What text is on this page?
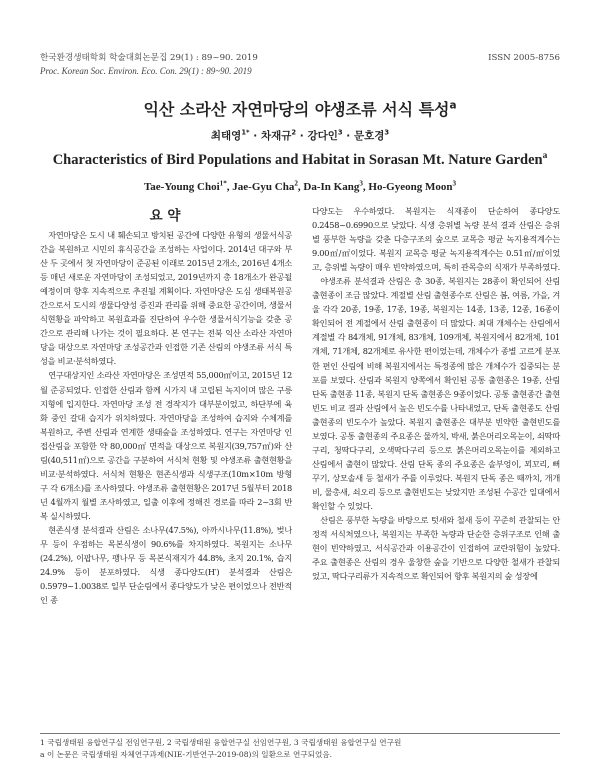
한국환경생태학회 학술대회논문집 29(1) : 89~90. 2019
Proc. Korean Soc. Environ. Eco. Con. 29(1) : 89~90. 2019
ISSN 2005-8756
익산 소라산 자연마당의 야생조류 서식 특성$^a$
최태영$^{1*}$ · 차재규$^2$ · 강다인$^3$ · 문호경$^3$
Characteristics of Bird Populations and Habitat in Sorasan Mt. Nature Garden$^a$
Tae-Young Choi$^{1*}$, Jae-Gyu Cha$^2$, Da-In Kang$^3$, Ho-Gyeong Moon$^3$
요 약

자연마당은 도시 내 훼손되고 방치된 공간에 다양한 유형의 생물서식공간을 복원하고 시민의 휴식공간을 조성하는 사업이다. 2014년 대구와 부산 두 곳에서 첫 자연마당이 준공된 이래로 2015년 2개소, 2016년 4개소 등 매년 새로운 자연마당이 조성되었고, 2019년까지 총 18개소가 완공될 예정이며 향후 지속적으로 추진될 계획이다. 자연마당은 도심 생태복원공간으로서 도시의 생물다양성 증진과 관리를 위해 중요한 공간이며, 생물서식현황을 파악하고 복원효과를 진단하여 우수한 생물서식기능을 갖춘 공간으로 관리해 나가는 것이 필요하다. 본 연구는 전북 익산 소라산 자연마당을 대상으로 자연마당 조성공간과 인접한 기존 산림의 야생조류 서식 특성을 비교·분석하였다.

연구대상지인 소라산 자연마당은 조성면적 55,000㎡이고, 2015년 12월 준공되었다. 인접한 산림과 함께 시가지 내 고립된 녹지이며 많은 구릉 지형에 입지한다. 자연마당 조성 전 경작지가 대부분이었고, 하단부에 육화 중인 갈대 습지가 위치하였다. 자연마당을 조성하여 습지와 수체계를 복원하고, 주변 산림과 연계한 생태숲을 조성하였다. 연구는 자연마당 인접산림을 포함한 약 80,000㎡ 면적을 대상으로 복원지(39,757㎡)와 산림(40,511㎡)으로 공간을 구분하여 서식처 현황 및 야생조류 출현현황을 비교·분석하였다. 서식처 현황은 현존식생과 식생구조(10m×10m 방형구 각 6개소)를 조사하였다. 야생조류 출현현황은 2017년 5월부터 2018년 4월까지 월별 조사하였고, 일출 이후에 정해진 경로를 따라 2~3회 반복 실시하였다.

현존식생 분석결과 산림은 소나무(47.5%), 아까시나무(11.8%), 벚나무 등이 우점하는 목본식생이 90.6%를 차지하였다. 복원지는 소나무(24.2%), 이팝나무, 팽나무 등 목본식재지가 44.8%, 초지 20.1%, 습지 24.9% 등이 분포하였다. 식생 종다양도(H′) 분석결과 산림은 0.5979~1.0038로 일부 단순림에서 종다양도가 낮은 편이었으나 전반적인 종

다양도는 우수하였다. 복원지는 식재종이 단순하여 종다양도 0.2458~0.6990으로 낮았다. 식생 층위별 녹량 분석 결과 산림은 층위별 풍부한 녹량을 갖춘 다층구조의 숲으로 교목층 평균 녹지용적계수는 9.00㎥/㎡이었다. 복원지 교목층 평균 녹지용적계수는 0.51㎥/㎡이었고, 층위별 녹량이 매우 빈약하였으며, 특히 관목층의 식재가 부족하였다.

야생조류 분석결과 산림은 총 30종, 복원지는 28종이 확인되어 산림 출현종이 조금 많았다. 계절별 산림 출현종수로 산림은 봄, 여름, 가을, 겨울 각각 20종, 19종, 17종, 19종, 복원지는 14종, 13종, 12종, 16종이 확인되어 전 계절에서 산림 출현종이 더 많았다. 최대 개체수는 산림에서 계절별 각 84개체, 91개체, 83개체, 109개체, 복원지에서 82개체, 101개체, 71개체, 82개체로 유사한 편이었는데, 개체수가 종별 고르게 분포한 편인 산림에 비해 복원지에서는 특정종에 많은 개체수가 집중되는 분포를 보였다. 산림과 복원지 양쪽에서 확인된 공통 출현종은 19종, 산림 단독 출현종 11종, 복원지 단독 출현종은 9종이었다. 공통 출현종간 출현빈도 비교 결과 산림에서 높은 빈도수를 나타내었고, 단독 출현종도 산림 출현종의 빈도수가 높았다. 복원지 출현종은 대부분 빈약한 출현빈도를 보였다. 공통 출현종의 주요종은 물까치, 박새, 붉은머리오목눈이, 쇠딱따구리, 청딱다구리, 오색딱다구리 등으로 붉은머리오목눈이를 제외하고 산림에서 출현이 많았다. 산림 단독 종의 주요종은 솔부엉이, 꾀꼬리, 뻐꾸기, 상모솔새 등 철새가 주를 이루었다. 복원지 단독 종은 때까치, 개개비, 물총새, 쇠오리 등으로 출현빈도는 낮았지만 조성된 수공간 일대에서 확인할 수 있었다.

산림은 풍부한 녹량을 바탕으로 텃새와 철새 등이 꾸준히 관찰되는 안정적 서식처였으나, 복원지는 부족한 녹량과 단순한 층위구조로 인해 출현이 빈약하였고, 서식공간과 이용공간이 인접하여 교란위험이 높았다. 주요 출현종은 산림의 경우 울창한 숲을 기반으로 다양한 철새가 관찰되었고, 딱다구리류가 지속적으로 확인되어 향후 복원지의 숲 성장에

1 국립생태원 융합연구실 전임연구원, 2 국립생태원 융합연구실 선임연구원, 3 국립생태원 융합연구실 연구원
a 이 논문은 국립생태원 자체연구과제(NIE-기반연구-2019-08)의 일환으로 연구되었음.
